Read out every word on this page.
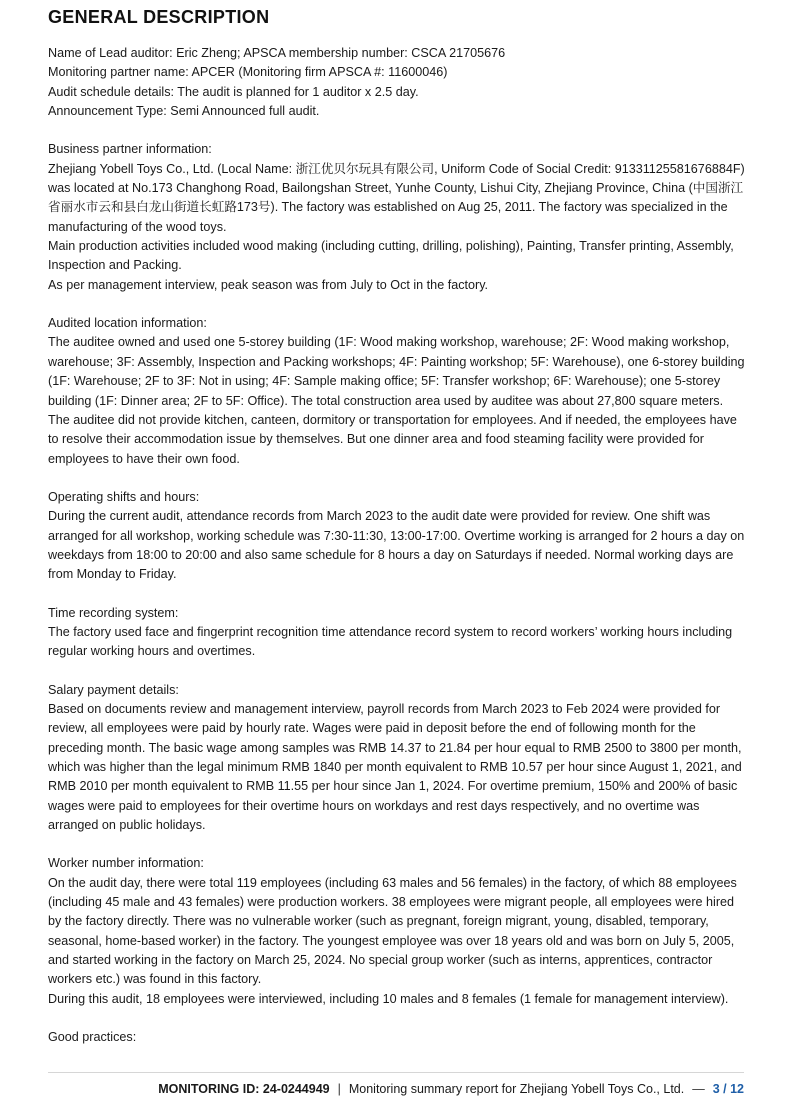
GENERAL DESCRIPTION

Name of Lead auditor: Eric Zheng; APSCA membership number: CSCA 21705676

Monitoring partner name: APCER (Monitoring firm APSCA #: 11600046)

Audit schedule details: The audit is planned for 1 auditor x 2.5 day.

Announcement Type: Semi Announced full audit.

Business partner information:

Zhejiang Yobell Toys Co., Ltd. (Local Name: 浙江优贝尔玩具有限公司, Uniform Code of Social Credit: 91331125581676884F) was located at No.173 Changhong Road, Bailongshan Street, Yunhe County, Lishui City, Zhejiang Province, China (中国浙江省丽水市云和县白龙山街道长虹路173号). The factory was established on Aug 25, 2011. The factory was specialized in the manufacturing of the wood toys.

Main production activities included wood making (including cutting, drilling, polishing), Painting, Transfer printing, Assembly, Inspection and Packing.

As per management interview, peak season was from July to Oct in the factory.

Audited location information:

The auditee owned and used one 5-storey building (1F: Wood making workshop, warehouse; 2F: Wood making workshop, warehouse; 3F: Assembly, Inspection and Packing workshops; 4F: Painting workshop; 5F: Warehouse), one 6-storey building (1F: Warehouse; 2F to 3F: Not in using; 4F: Sample making office; 5F: Transfer workshop; 6F: Warehouse); one 5-storey building (1F: Dinner area; 2F to 5F: Office). The total construction area used by auditee was about 27,800 square meters. The auditee did not provide kitchen, canteen, dormitory or transportation for employees. And if needed, the employees have to resolve their accommodation issue by themselves. But one dinner area and food steaming facility were provided for employees to have their own food.

Operating shifts and hours:

During the current audit, attendance records from March 2023 to the audit date were provided for review. One shift was arranged for all workshop, working schedule was 7:30-11:30, 13:00-17:00. Overtime working is arranged for 2 hours a day on weekdays from 18:00 to 20:00 and also same schedule for 8 hours a day on Saturdays if needed. Normal working days are from Monday to Friday.

Time recording system:

The factory used face and fingerprint recognition time attendance record system to record workers’ working hours including regular working hours and overtimes.

Salary payment details:

Based on documents review and management interview, payroll records from March 2023 to Feb 2024 were provided for review, all employees were paid by hourly rate. Wages were paid in deposit before the end of following month for the preceding month. The basic wage among samples was RMB 14.37 to 21.84 per hour equal to RMB 2500 to 3800 per month, which was higher than the legal minimum RMB 1840 per month equivalent to RMB 10.57 per hour since August 1, 2021, and RMB 2010 per month equivalent to RMB 11.55 per hour since Jan 1, 2024. For overtime premium, 150% and 200% of basic wages were paid to employees for their overtime hours on workdays and rest days respectively, and no overtime was arranged on public holidays.

Worker number information:

On the audit day, there were total 119 employees (including 63 males and 56 females) in the factory, of which 88 employees (including 45 male and 43 females) were production workers. 38 employees were migrant people, all employees were hired by the factory directly. There was no vulnerable worker (such as pregnant, foreign migrant, young, disabled, temporary, seasonal, home-based worker) in the factory. The youngest employee was over 18 years old and was born on July 5, 2005, and started working in the factory on March 25, 2024. No special group worker (such as interns, apprentices, contractor workers etc.) was found in this factory.

During this audit, 18 employees were interviewed, including 10 males and 8 females (1 female for management interview).

Good practices:

MONITORING ID: 24-0244949 | Monitoring summary report for Zhejiang Yobell Toys Co., Ltd. — 3 / 12
